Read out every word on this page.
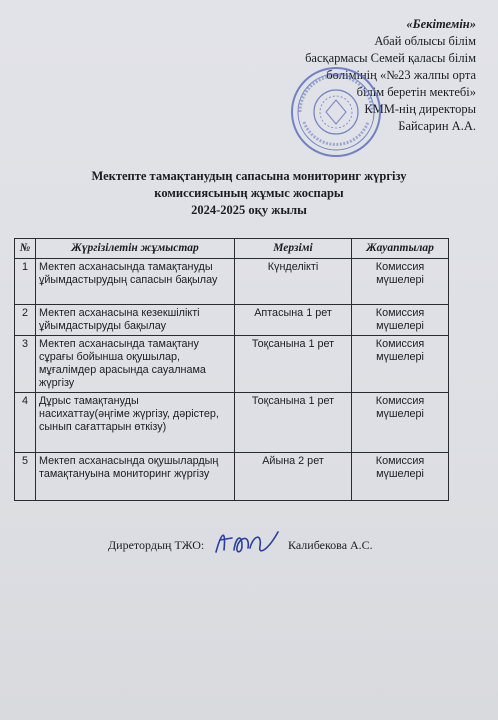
«Бекітемін»
Абай облысы білім
басқармасы Семей қаласы білім
бөлімінің «№23 жалпы орта
білім беретін мектебі»
КММ-нің директоры
Байсарин А.А.
Мектепте тамақтанудың сапасына мониторинг жүргізу
комиссиясының жұмыс жоспары
2024-2025 оқу жылы
№	Жүргізілетін жұмыстар	Мерзімі	Жауаптылар
1	Мектеп асханасында тамақтануды ұйымдастырудың сапасын бақылау	Күнделікті	Комиссия мүшелері
2	Мектеп асханасына кезекшілікті ұйымдастыруды бақылау	Аптасына 1 рет	Комиссия мүшелері
3	Мектеп асханасында тамақтану сұрағы бойынша оқушылар, мұғалімдер арасында сауалнама жүргізу	Тоқсанына 1 рет	Комиссия мүшелері
4	Дұрыс тамақтануды насихаттау(әңгіме жүргізу, дәрістер, сынып сағаттарын өткізу)	Тоқсанына 1 рет	Комиссия мүшелері
5	Мектеп асханасында оқушылардың тамақтануына мониторинг жүргізу	Айына 2 рет	Комиссия мүшелері
Диретордың ТЖО:	Калибекова А.С.
